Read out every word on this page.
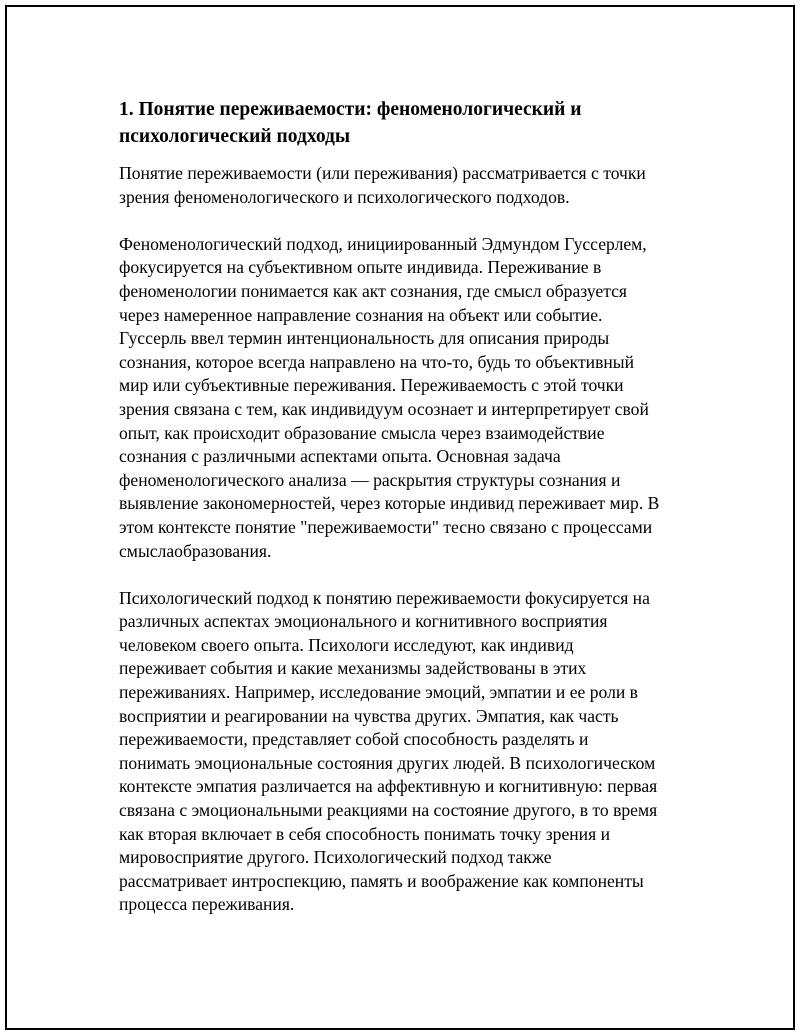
1. Понятие переживаемости: феноменологический и
психологический подходы
Понятие переживаемости (или переживания) рассматривается с точки
зрения феноменологического и психологического подходов.
Феноменологический подход, инициированный Эдмундом Гуссерлем,
фокусируется на субъективном опыте индивида. Переживание в
феноменологии понимается как акт сознания, где смысл образуется
через намеренное направление сознания на объект или событие.
Гуссерль ввел термин интенциональность для описания природы
сознания, которое всегда направлено на что-то, будь то объективный
мир или субъективные переживания. Переживаемость с этой точки
зрения связана с тем, как индивидуум осознает и интерпретирует свой
опыт, как происходит образование смысла через взаимодействие
сознания с различными аспектами опыта. Основная задача
феноменологического анализа — раскрытия структуры сознания и
выявление закономерностей, через которые индивид переживает мир. В
этом контексте понятие "переживаемости" тесно связано с процессами
смыслаобразования.
Психологический подход к понятию переживаемости фокусируется на
различных аспектах эмоционального и когнитивного восприятия
человеком своего опыта. Психологи исследуют, как индивид
переживает события и какие механизмы задействованы в этих
переживаниях. Например, исследование эмоций, эмпатии и ее роли в
восприятии и реагировании на чувства других. Эмпатия, как часть
переживаемости, представляет собой способность разделять и
понимать эмоциональные состояния других людей. В психологическом
контексте эмпатия различается на аффективную и когнитивную: первая
связана с эмоциональными реакциями на состояние другого, в то время
как вторая включает в себя способность понимать точку зрения и
мировосприятие другого. Психологический подход также
рассматривает интроспекцию, память и воображение как компоненты
процесса переживания.
